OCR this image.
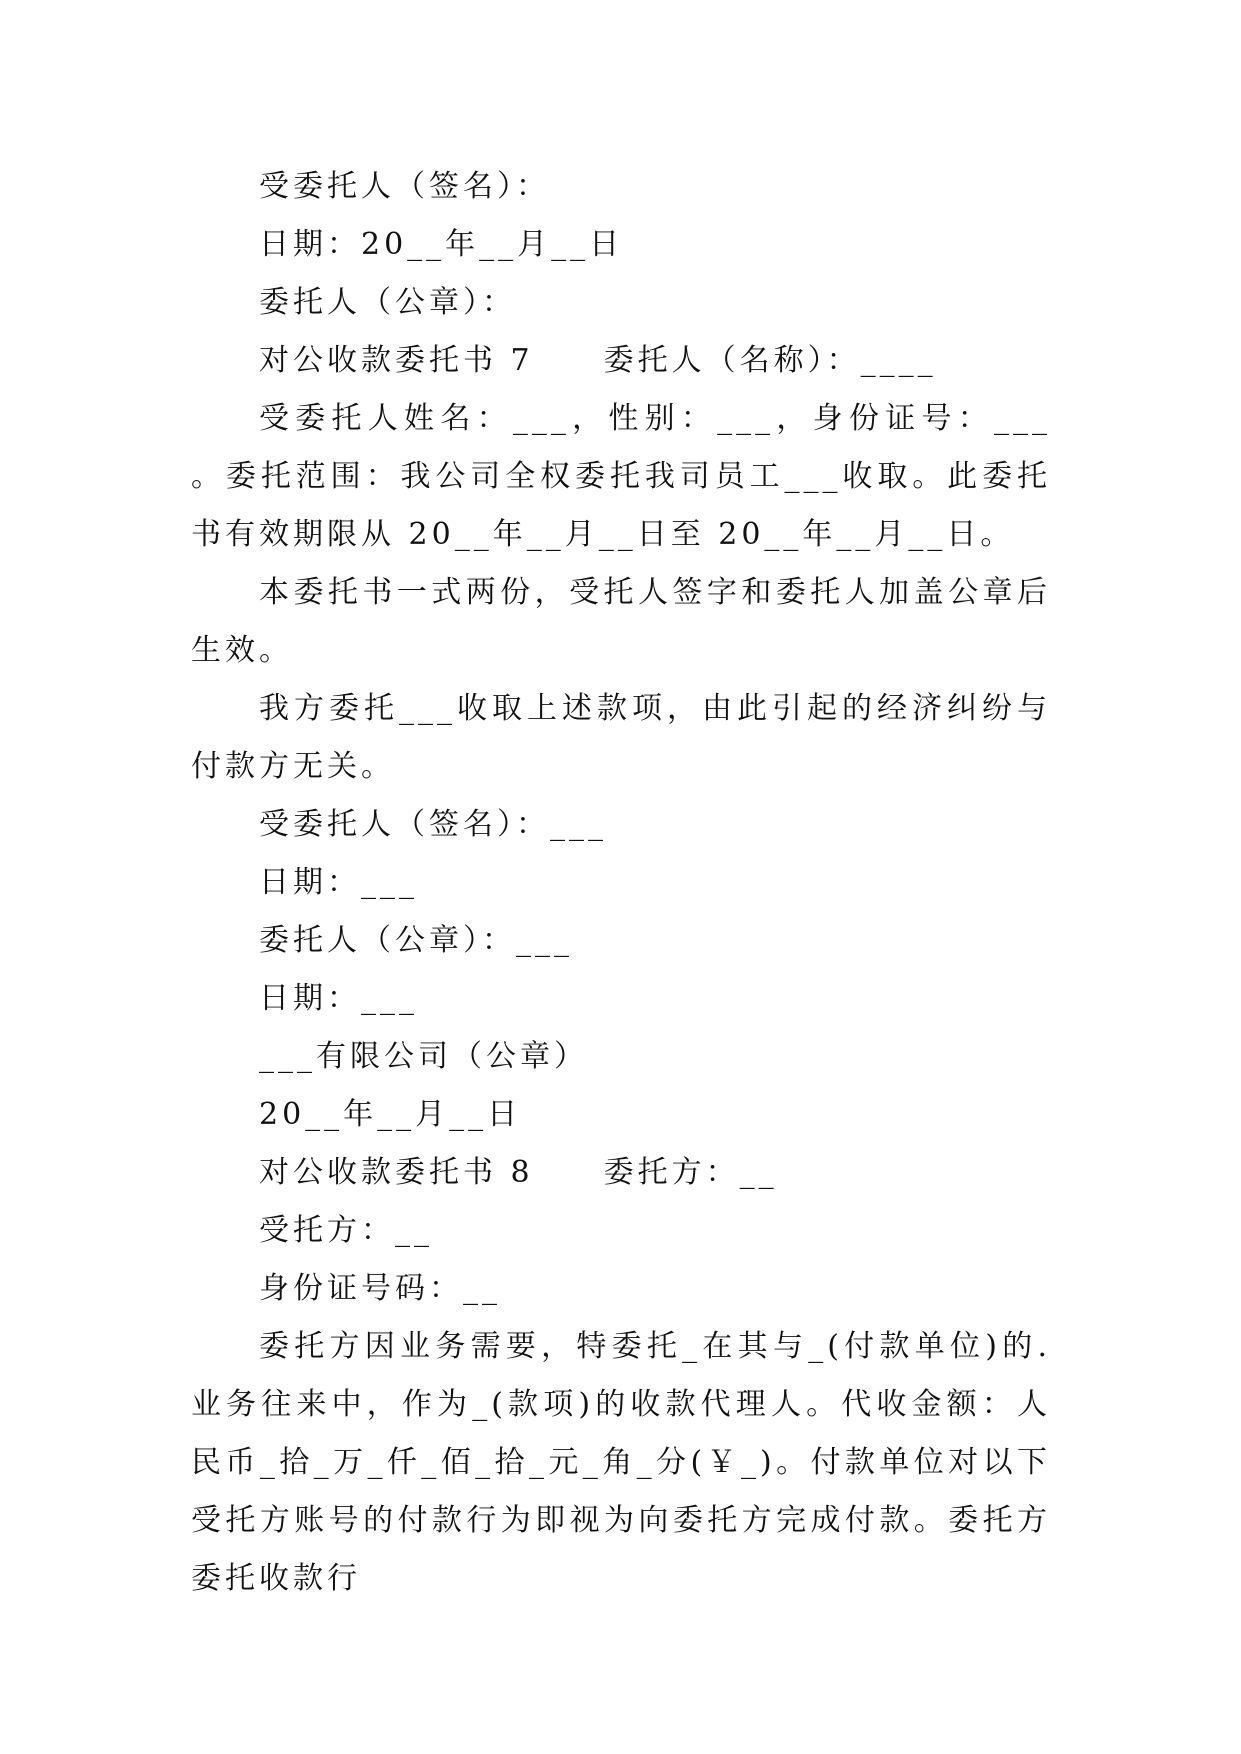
受委托人（签名）：
日期：20__年__月__日
委托人（公章）：
对公收款委托书 7 委托人（名称）：____
受委托人姓名：___，性别：___，身份证号：___ 。委托范围：我公司全权委托我司员工___收取。此委托书有效期限从 20__年__月__日至 20__年__月__日。
本委托书一式两份，受托人签字和委托人加盖公章后生效。
我方委托___收取上述款项，由此引起的经济纠纷与付款方无关。
受委托人（签名）：___
日期：___
委托人（公章）：___
日期：___
___有限公司（公章）
20__年__月__日
对公收款委托书 8 委托方：__
受托方：__
身份证号码：__
委托方因业务需要，特委托_在其与_(付款单位)的.业务往来中，作为_(款项)的收款代理人。代收金额：人民币_拾_万_仟_佰_拾_元_角_分(￥_)。付款单位对以下受托方账号的付款行为即视为向委托方完成付款。委托方委托收款行
